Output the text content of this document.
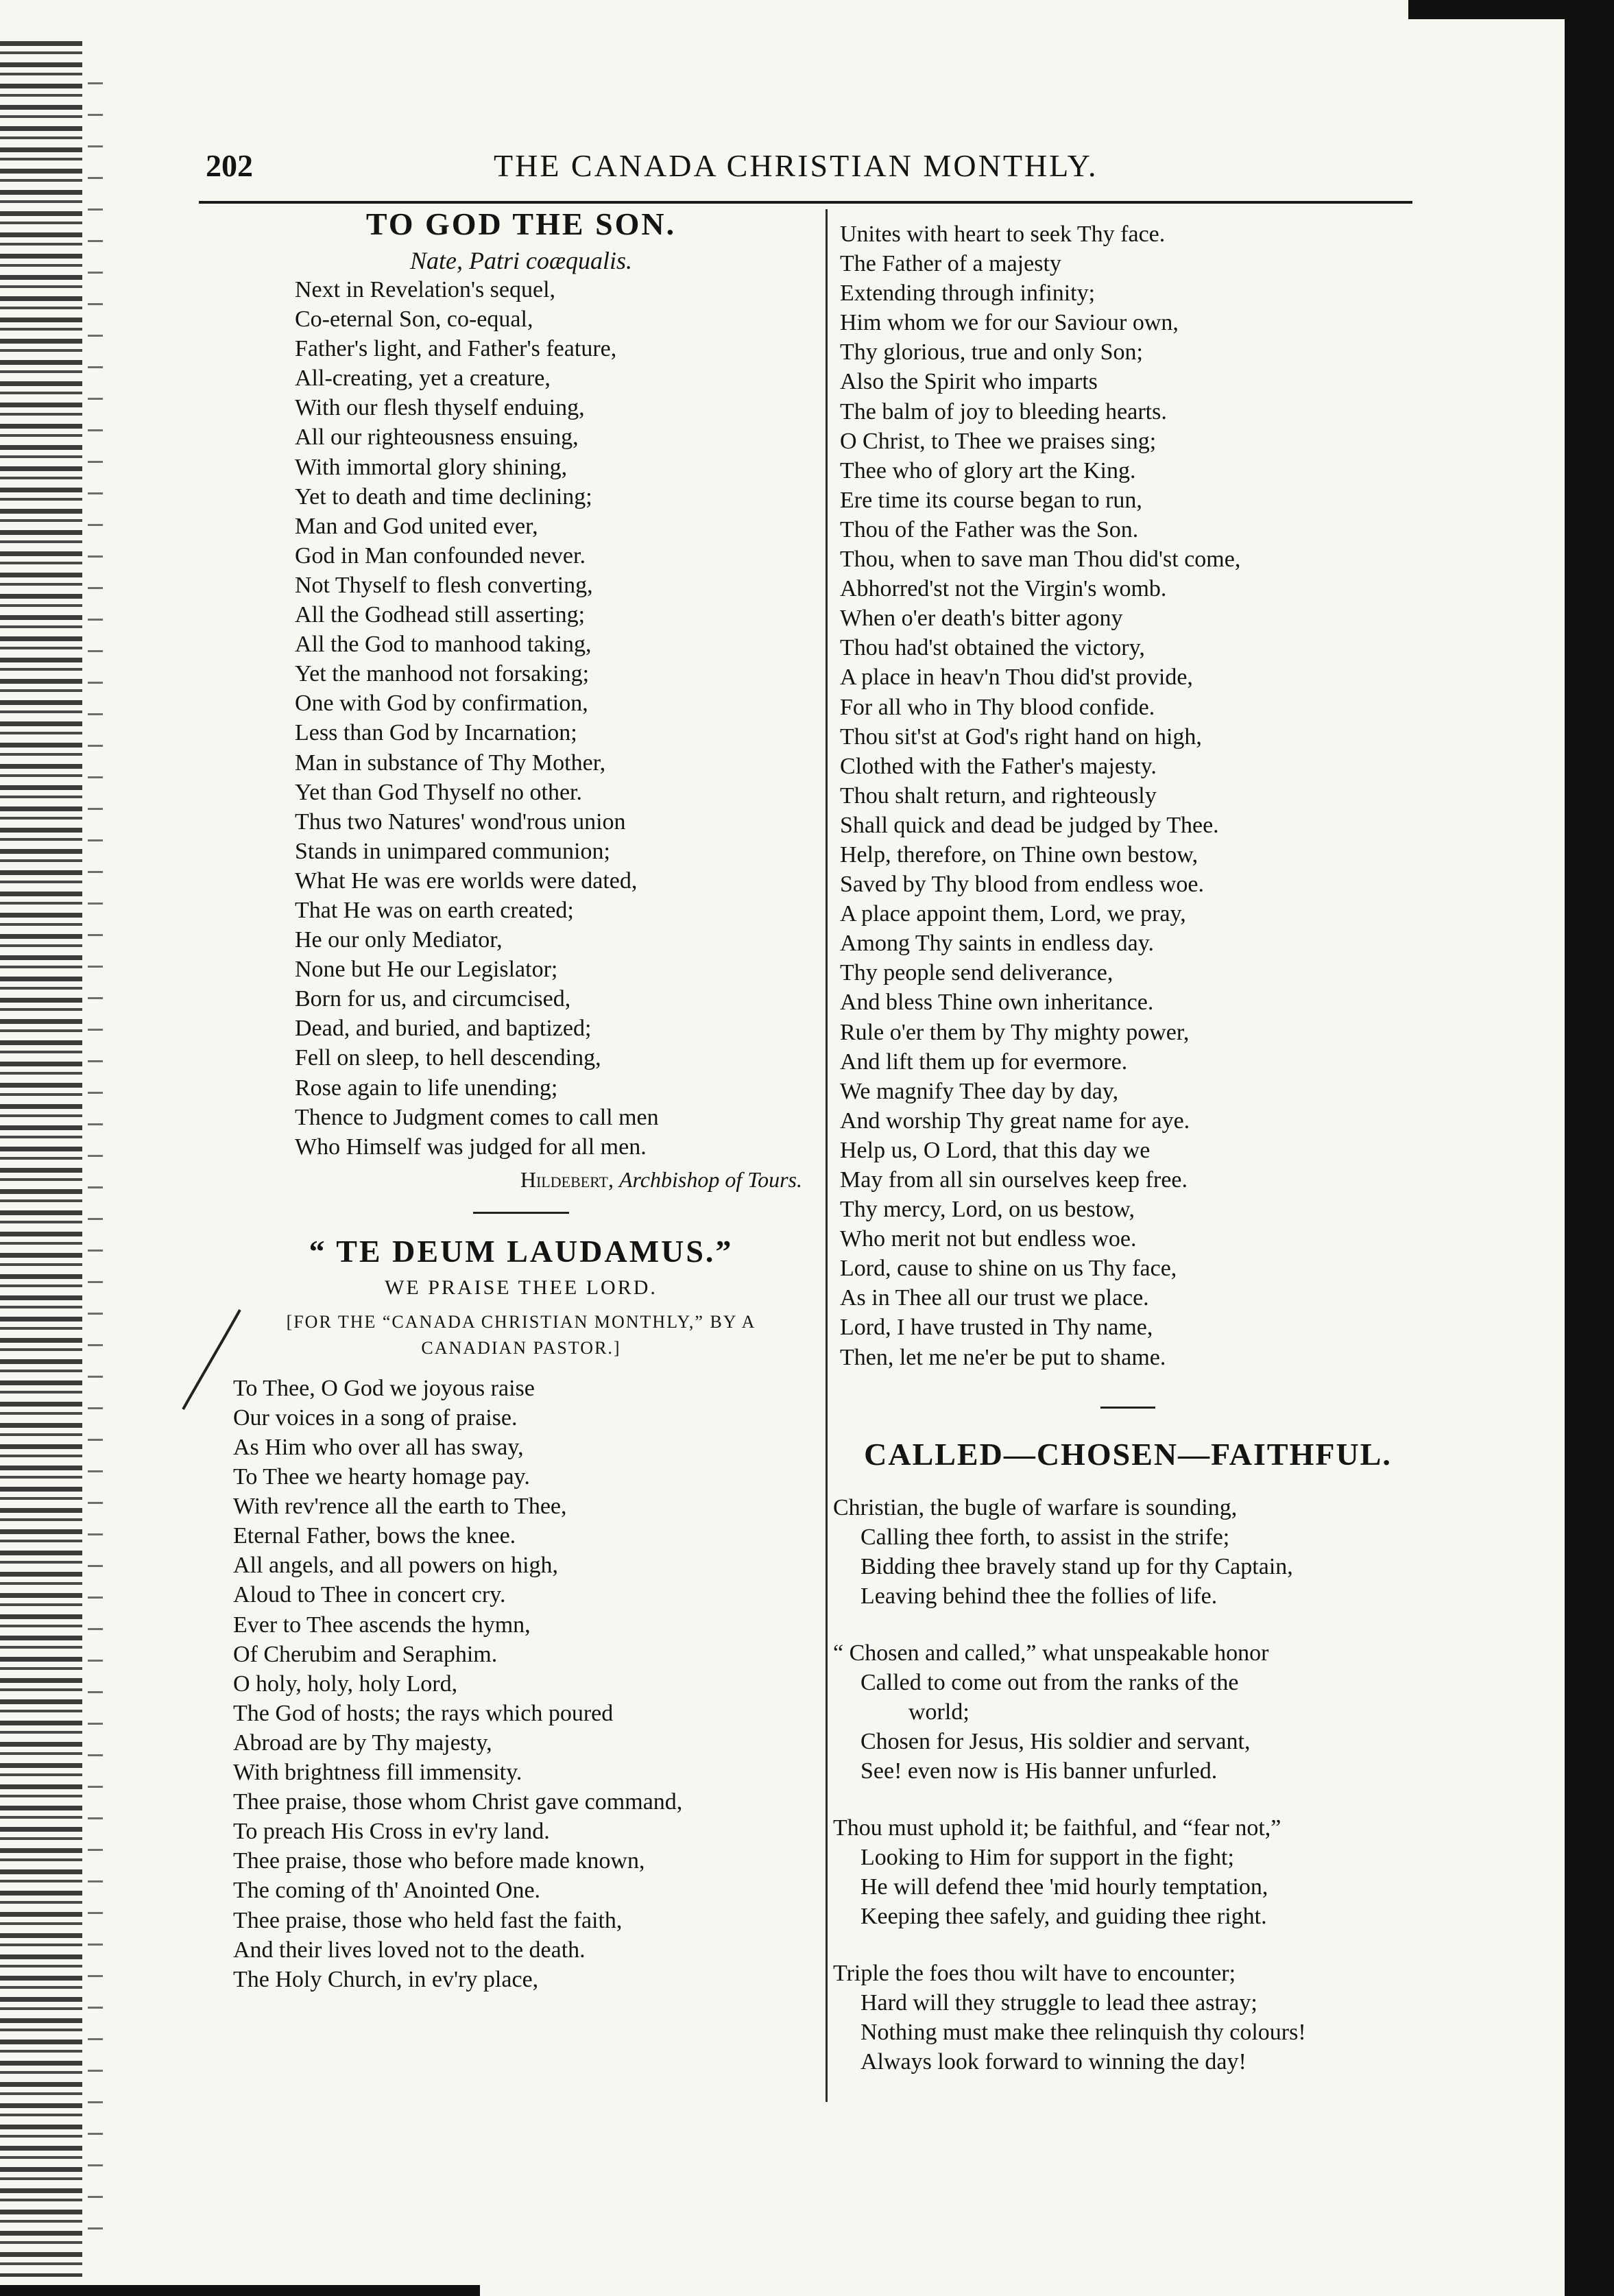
202	THE CANADA CHRISTIAN MONTHLY.
TO GOD THE SON.

Nate, Patri coæqualis.

Next in Revelation's sequel,
Co-eternal Son, co-equal,
Father's light, and Father's feature,
All-creating, yet a creature,
With our flesh thyself enduing,
All our righteousness ensuing,
With immortal glory shining,
Yet to death and time declining;
Man and God united ever,
God in Man confounded never.
Not Thyself to flesh converting,
All the Godhead still asserting;
All the God to manhood taking,
Yet the manhood not forsaking;
One with God by confirmation,
Less than God by Incarnation;
Man in substance of Thy Mother,
Yet than God Thyself no other.
Thus two Natures' wond'rous union
Stands in unimpared communion;
What He was ere worlds were dated,
That He was on earth created;
He our only Mediator,
None but He our Legislator;
Born for us, and circumcised,
Dead, and buried, and baptized;
Fell on sleep, to hell descending,
Rose again to life unending;
Thence to Judgment comes to call men
Who Himself was judged for all men.

Hildebert, Archbishop of Tours.

“ TE DEUM LAUDAMUS.”

WE PRAISE THEE LORD.

[FOR THE “CANADA CHRISTIAN MONTHLY,” BY A
CANADIAN PASTOR.]

To Thee, O God we joyous raise
Our voices in a song of praise.
As Him who over all has sway,
To Thee we hearty homage pay.
With rev'rence all the earth to Thee,
Eternal Father, bows the knee.
All angels, and all powers on high,
Aloud to Thee in concert cry.
Ever to Thee ascends the hymn,
Of Cherubim and Seraphim.
O holy, holy, holy Lord,
The God of hosts; the rays which poured
Abroad are by Thy majesty,
With brightness fill immensity.
Thee praise, those whom Christ gave command,
To preach His Cross in ev'ry land.
Thee praise, those who before made known,
The coming of th' Anointed One.
Thee praise, those who held fast the faith,
And their lives loved not to the death.
The Holy Church, in ev'ry place,
Unites with heart to seek Thy face.
The Father of a majesty
Extending through infinity;
Him whom we for our Saviour own,
Thy glorious, true and only Son;
Also the Spirit who imparts
The balm of joy to bleeding hearts.
O Christ, to Thee we praises sing;
Thee who of glory art the King.
Ere time its course began to run,
Thou of the Father was the Son.
Thou, when to save man Thou did'st come,
Abhorred'st not the Virgin's womb.
When o'er death's bitter agony
Thou had'st obtained the victory,
A place in heav'n Thou did'st provide,
For all who in Thy blood confide.
Thou sit'st at God's right hand on high,
Clothed with the Father's majesty.
Thou shalt return, and righteously
Shall quick and dead be judged by Thee.
Help, therefore, on Thine own bestow,
Saved by Thy blood from endless woe.
A place appoint them, Lord, we pray,
Among Thy saints in endless day.
Thy people send deliverance,
And bless Thine own inheritance.
Rule o'er them by Thy mighty power,
And lift them up for evermore.
We magnify Thee day by day,
And worship Thy great name for aye.
Help us, O Lord, that this day we
May from all sin ourselves keep free.
Thy mercy, Lord, on us bestow,
Who merit not but endless woe.
Lord, cause to shine on us Thy face,
As in Thee all our trust we place.
Lord, I have trusted in Thy name,
Then, let me ne'er be put to shame.
CALLED—CHOSEN—FAITHFUL.
Christian, the bugle of warfare is sounding,
Calling thee forth, to assist in the strife;
Bidding thee bravely stand up for thy Captain,
Leaving behind thee the follies of life.
“ Chosen and called,” what unspeakable honor
Called to come out from the ranks of the
world;
Chosen for Jesus, His soldier and servant,
See! even now is His banner unfurled.
Thou must uphold it; be faithful, and “fear not,”
Looking to Him for support in the fight;
He will defend thee 'mid hourly temptation,
Keeping thee safely, and guiding thee right.
Triple the foes thou wilt have to encounter;
Hard will they struggle to lead thee astray;
Nothing must make thee relinquish thy colours!
Always look forward to winning the day!
